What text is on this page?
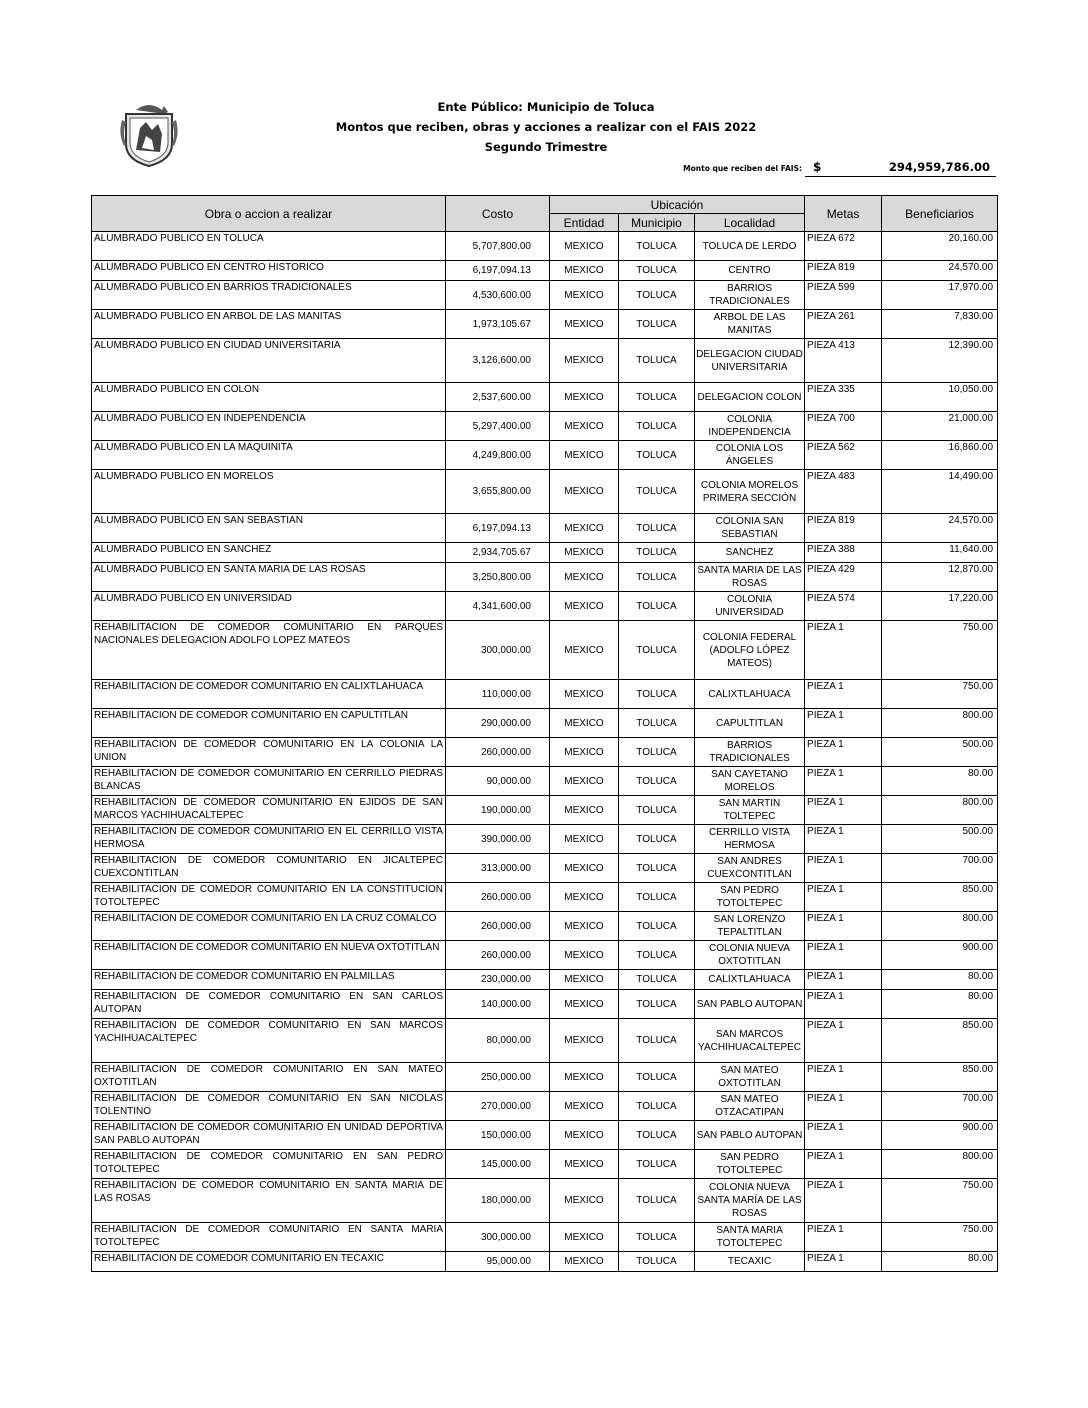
Ente Público: Municipio de Toluca
Montos que reciben, obras y acciones a realizar con el FAIS 2022
Segundo Trimestre
Monto que reciben del FAIS: $	294,959,786.00
Obra o accion a realizar	Costo	Ubicación			Metas	Beneficiarios
		Entidad	Municipio	Localidad		
ALUMBRADO PUBLICO EN TOLUCA	5,707,800.00	MEXICO	TOLUCA	TOLUCA DE LERDO	PIEZA 672	20,160.00
ALUMBRADO PUBLICO EN CENTRO HISTORICO	6,197,094.13	MEXICO	TOLUCA	CENTRO	PIEZA 819	24,570.00
ALUMBRADO PUBLICO EN BARRIOS TRADICIONALES	4,530,600.00	MEXICO	TOLUCA	BARRIOS TRADICIONALES	PIEZA 599	17,970.00
ALUMBRADO PUBLICO EN ARBOL DE LAS MANITAS	1,973,105.67	MEXICO	TOLUCA	ARBOL DE LAS MANITAS	PIEZA 261	7,830.00
ALUMBRADO PUBLICO EN CIUDAD UNIVERSITARIA	3,126,600.00	MEXICO	TOLUCA	DELEGACION CIUDAD UNIVERSITARIA	PIEZA 413	12,390.00
ALUMBRADO PUBLICO EN COLON	2,537,600.00	MEXICO	TOLUCA	DELEGACION COLON	PIEZA 335	10,050.00
ALUMBRADO PUBLICO EN INDEPENDENCIA	5,297,400.00	MEXICO	TOLUCA	COLONIA INDEPENDENCIA	PIEZA 700	21,000.00
ALUMBRADO PUBLICO EN LA MAQUINITA	4,249,800.00	MEXICO	TOLUCA	COLONIA LOS ÁNGELES	PIEZA 562	16,860.00
ALUMBRADO PUBLICO EN MORELOS	3,655,800.00	MEXICO	TOLUCA	COLONIA MORELOS PRIMERA SECCIÓN	PIEZA 483	14,490.00
ALUMBRADO PUBLICO EN SAN SEBASTIAN	6,197,094.13	MEXICO	TOLUCA	COLONIA SAN SEBASTIAN	PIEZA 819	24,570.00
ALUMBRADO PUBLICO EN SANCHEZ	2,934,705.67	MEXICO	TOLUCA	SANCHEZ	PIEZA 388	11,640.00
ALUMBRADO PUBLICO EN SANTA MARIA DE LAS ROSAS	3,250,800.00	MEXICO	TOLUCA	SANTA MARIA DE LAS ROSAS	PIEZA 429	12,870.00
ALUMBRADO PUBLICO EN UNIVERSIDAD	4,341,600.00	MEXICO	TOLUCA	COLONIA UNIVERSIDAD	PIEZA 574	17,220.00
REHABILITACION DE COMEDOR COMUNITARIO EN PARQUES NACIONALES DELEGACION ADOLFO LOPEZ MATEOS	300,000.00	MEXICO	TOLUCA	COLONIA FEDERAL (ADOLFO LÓPEZ MATEOS)	PIEZA 1	750.00
REHABILITACION DE COMEDOR COMUNITARIO EN CALIXTLAHUACA	110,000.00	MEXICO	TOLUCA	CALIXTLAHUACA	PIEZA 1	750.00
REHABILITACION DE COMEDOR COMUNITARIO EN CAPULTITLAN	290,000.00	MEXICO	TOLUCA	CAPULTITLAN	PIEZA 1	800.00
REHABILITACION DE COMEDOR COMUNITARIO EN LA COLONIA LA UNION	260,000.00	MEXICO	TOLUCA	BARRIOS TRADICIONALES	PIEZA 1	500.00
REHABILITACION DE COMEDOR COMUNITARIO EN CERRILLO PIEDRAS BLANCAS	90,000.00	MEXICO	TOLUCA	SAN CAYETANO MORELOS	PIEZA 1	80.00
REHABILITACION DE COMEDOR COMUNITARIO EN EJIDOS DE SAN MARCOS YACHIHUACALTEPEC	190,000.00	MEXICO	TOLUCA	SAN MARTIN TOLTEPEC	PIEZA 1	800.00
REHABILITACION DE COMEDOR COMUNITARIO EN EL CERRILLO VISTA HERMOSA	390,000.00	MEXICO	TOLUCA	CERRILLO VISTA HERMOSA	PIEZA 1	500.00
REHABILITACION DE COMEDOR COMUNITARIO EN JICALTEPEC CUEXCONTITLAN	313,000.00	MEXICO	TOLUCA	SAN ANDRES CUEXCONTITLAN	PIEZA 1	700.00
REHABILITACION DE COMEDOR COMUNITARIO EN LA CONSTITUCION TOTOLTEPEC	260,000.00	MEXICO	TOLUCA	SAN PEDRO TOTOLTEPEC	PIEZA 1	850.00
REHABILITACION DE COMEDOR COMUNITARIO EN LA CRUZ COMALCO	260,000.00	MEXICO	TOLUCA	SAN LORENZO TEPALTITLAN	PIEZA 1	800.00
REHABILITACION DE COMEDOR COMUNITARIO EN NUEVA OXTOTITLAN	260,000.00	MEXICO	TOLUCA	COLONIA NUEVA OXTOTITLAN	PIEZA 1	900.00
REHABILITACION DE COMEDOR COMUNITARIO EN PALMILLAS	230,000.00	MEXICO	TOLUCA	CALIXTLAHUACA	PIEZA 1	80.00
REHABILITACION DE COMEDOR COMUNITARIO EN SAN CARLOS AUTOPAN	140,000.00	MEXICO	TOLUCA	SAN PABLO AUTOPAN	PIEZA 1	80.00
REHABILITACION DE COMEDOR COMUNITARIO EN SAN MARCOS YACHIHUACALTEPEC	80,000.00	MEXICO	TOLUCA	SAN MARCOS YACHIHUACALTEPEC	PIEZA 1	850.00
REHABILITACION DE COMEDOR COMUNITARIO EN SAN MATEO OXTOTITLAN	250,000.00	MEXICO	TOLUCA	SAN MATEO OXTOTITLAN	PIEZA 1	850.00
REHABILITACION DE COMEDOR COMUNITARIO EN SAN NICOLAS TOLENTINO	270,000.00	MEXICO	TOLUCA	SAN MATEO OTZACATIPAN	PIEZA 1	700.00
REHABILITACION DE COMEDOR COMUNITARIO EN UNIDAD DEPORTIVA SAN PABLO AUTOPAN	150,000.00	MEXICO	TOLUCA	SAN PABLO AUTOPAN	PIEZA 1	900.00
REHABILITACION DE COMEDOR COMUNITARIO EN SAN PEDRO TOTOLTEPEC	145,000.00	MEXICO	TOLUCA	SAN PEDRO TOTOLTEPEC	PIEZA 1	800.00
REHABILITACION DE COMEDOR COMUNITARIO EN SANTA MARIA DE LAS ROSAS	180,000.00	MEXICO	TOLUCA	COLONIA NUEVA SANTA MARÍA DE LAS ROSAS	PIEZA 1	750.00
REHABILITACION DE COMEDOR COMUNITARIO EN SANTA MARIA TOTOLTEPEC	300,000.00	MEXICO	TOLUCA	SANTA MARIA TOTOLTEPEC	PIEZA 1	750.00
REHABILITACION DE COMEDOR COMUNITARIO EN TECAXIC	95,000.00	MEXICO	TOLUCA	TECAXIC	PIEZA 1	80.00
